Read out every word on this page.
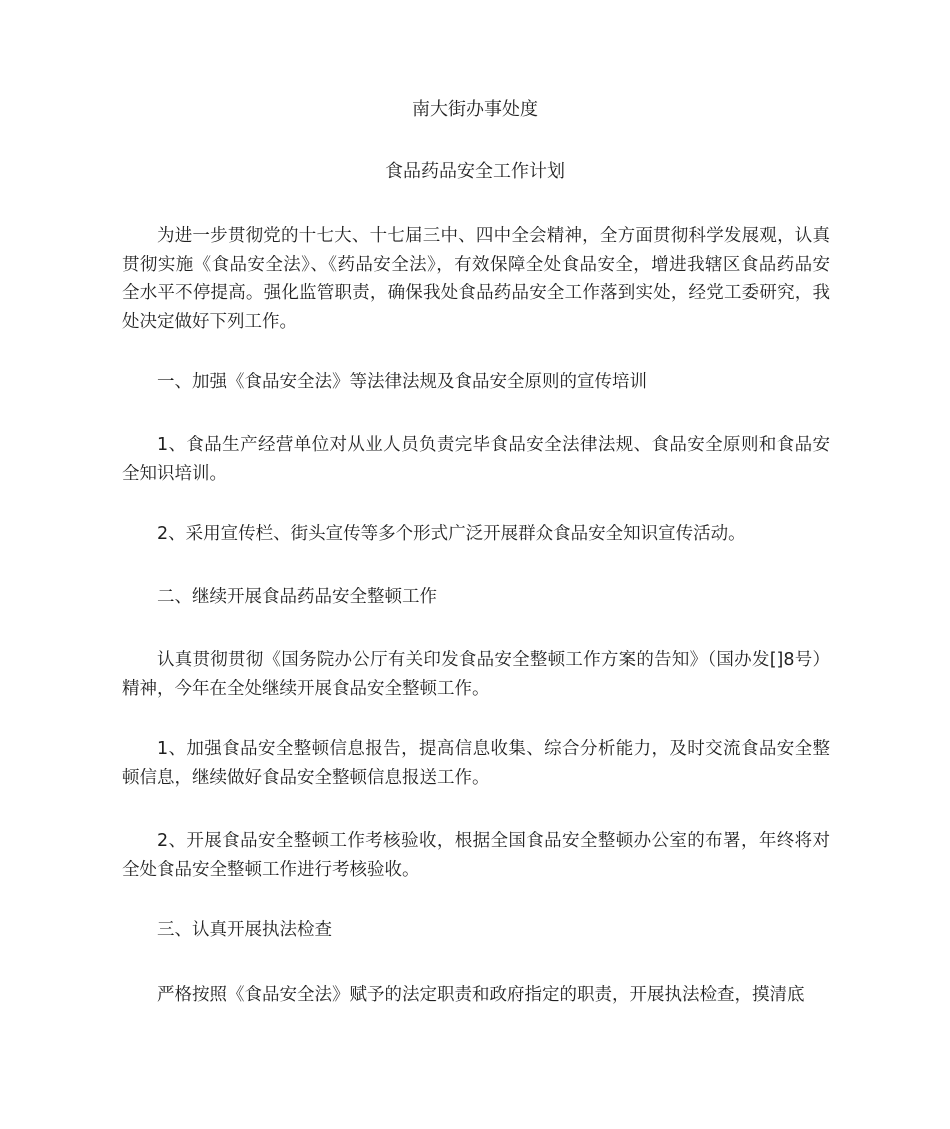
南大街办事处度
食品药品安全工作计划

为进一步贯彻党的十七大、十七届三中、四中全会精神，全方面贯彻科学发展观，认真贯彻实施《食品安全法》、《药品安全法》，有效保障全处食品安全，增进我辖区食品药品安全水平不停提高。强化监管职责，确保我处食品药品安全工作落到实处，经党工委研究，我处决定做好下列工作。

一、加强《食品安全法》等法律法规及食品安全原则的宣传培训

1、食品生产经营单位对从业人员负责完毕食品安全法律法规、食品安全原则和食品安全知识培训。

2、采用宣传栏、街头宣传等多个形式广泛开展群众食品安全知识宣传活动。

二、继续开展食品药品安全整顿工作

认真贯彻贯彻《国务院办公厅有关印发食品安全整顿工作方案的告知》（国办发[]8号）精神，今年在全处继续开展食品安全整顿工作。

1、加强食品安全整顿信息报告，提高信息收集、综合分析能力，及时交流食品安全整顿信息，继续做好食品安全整顿信息报送工作。

2、开展食品安全整顿工作考核验收，根据全国食品安全整顿办公室的布署，年终将对全处食品安全整顿工作进行考核验收。

三、认真开展执法检查

严格按照《食品安全法》赋予的法定职责和政府指定的职责，开展执法检查，摸清底
